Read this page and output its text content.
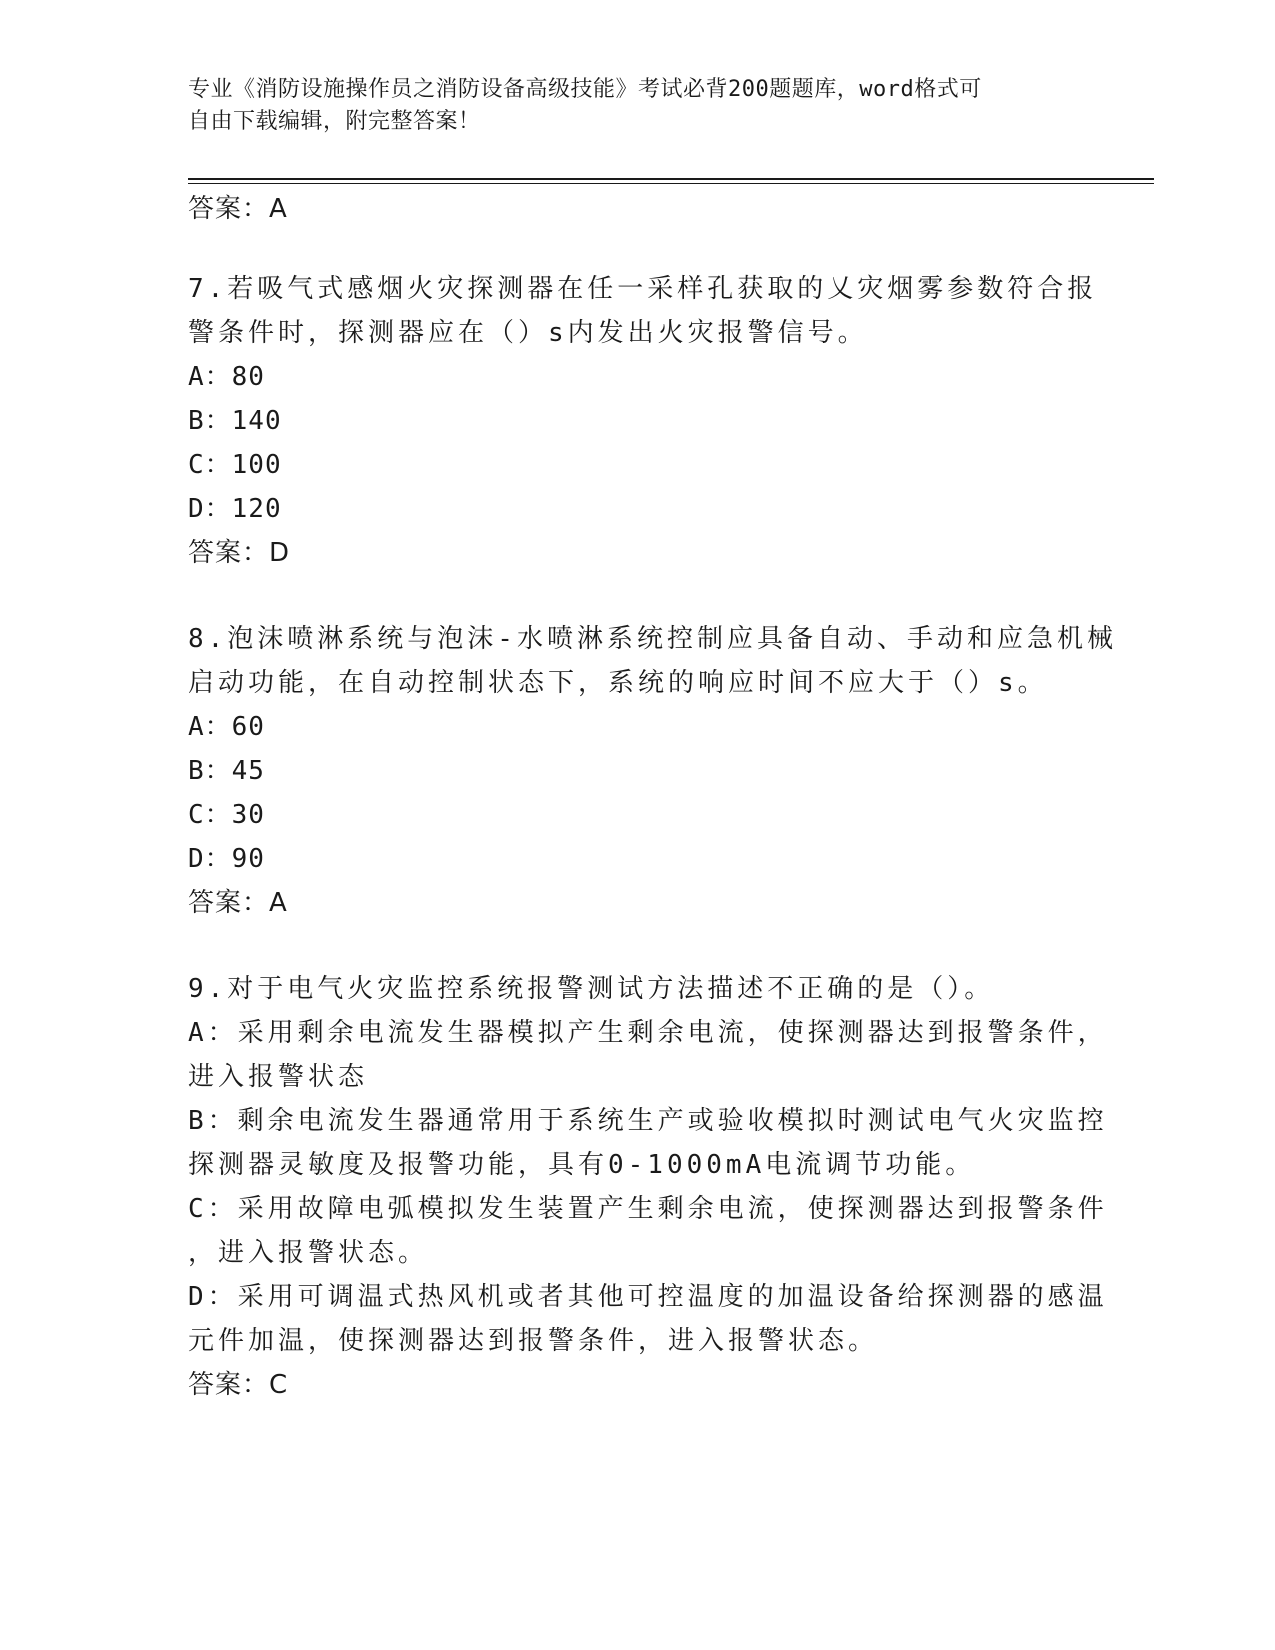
专业《消防设施操作员之消防设备高级技能》考试必背200题题库，word格式可
自由下载编辑，附完整答案！
答案：A
7.若吸气式感烟火灾探测器在任一采样孔获取的乂灾烟雾参数符合报
警条件时，探测器应在（）s内发出火灾报警信号。
A：80
B：140
C：100
D：120
答案：D
8.泡沫喷淋系统与泡沫-水喷淋系统控制应具备自动、手动和应急机械
启动功能，在自动控制状态下，系统的响应时间不应大于（）s。
A：60
B：45
C：30
D：90
答案：A
9.对于电气火灾监控系统报警测试方法描述不正确的是（）。
A：采用剩余电流发生器模拟产生剩余电流，使探测器达到报警条件，
进入报警状态
B：剩余电流发生器通常用于系统生产或验收模拟时测试电气火灾监控
探测器灵敏度及报警功能，具有0-1000mA电流调节功能。
C：采用故障电弧模拟发生装置产生剩余电流，使探测器达到报警条件
，进入报警状态。
D：采用可调温式热风机或者其他可控温度的加温设备给探测器的感温
元件加温，使探测器达到报警条件，进入报警状态。
答案：C
